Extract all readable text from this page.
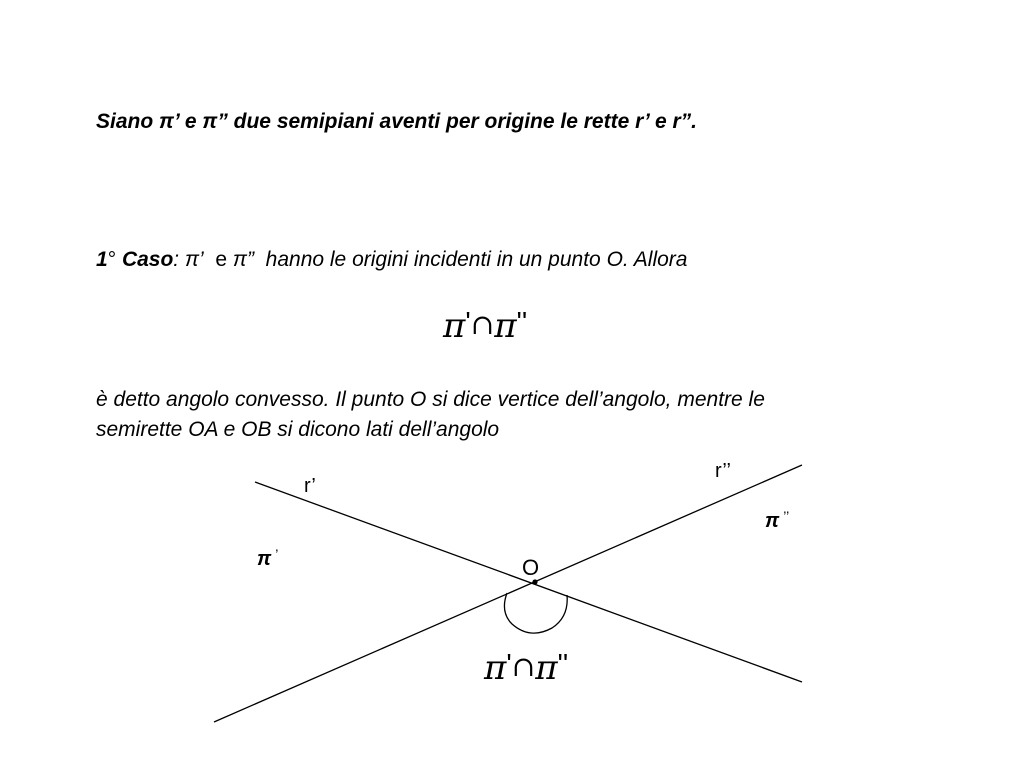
Siano π’ e π” due semipiani aventi per origine le rette r’ e r”.
1° Caso: π’ e π” hanno le origini incidenti in un punto O. Allora
π'∩π''
è detto angolo convesso. Il punto O si dice vertice dell’angolo, mentre le
semirette OA e OB si dicono lati dell’angolo
r’
r’’
O
π ’
π ’’
π'∩π''
